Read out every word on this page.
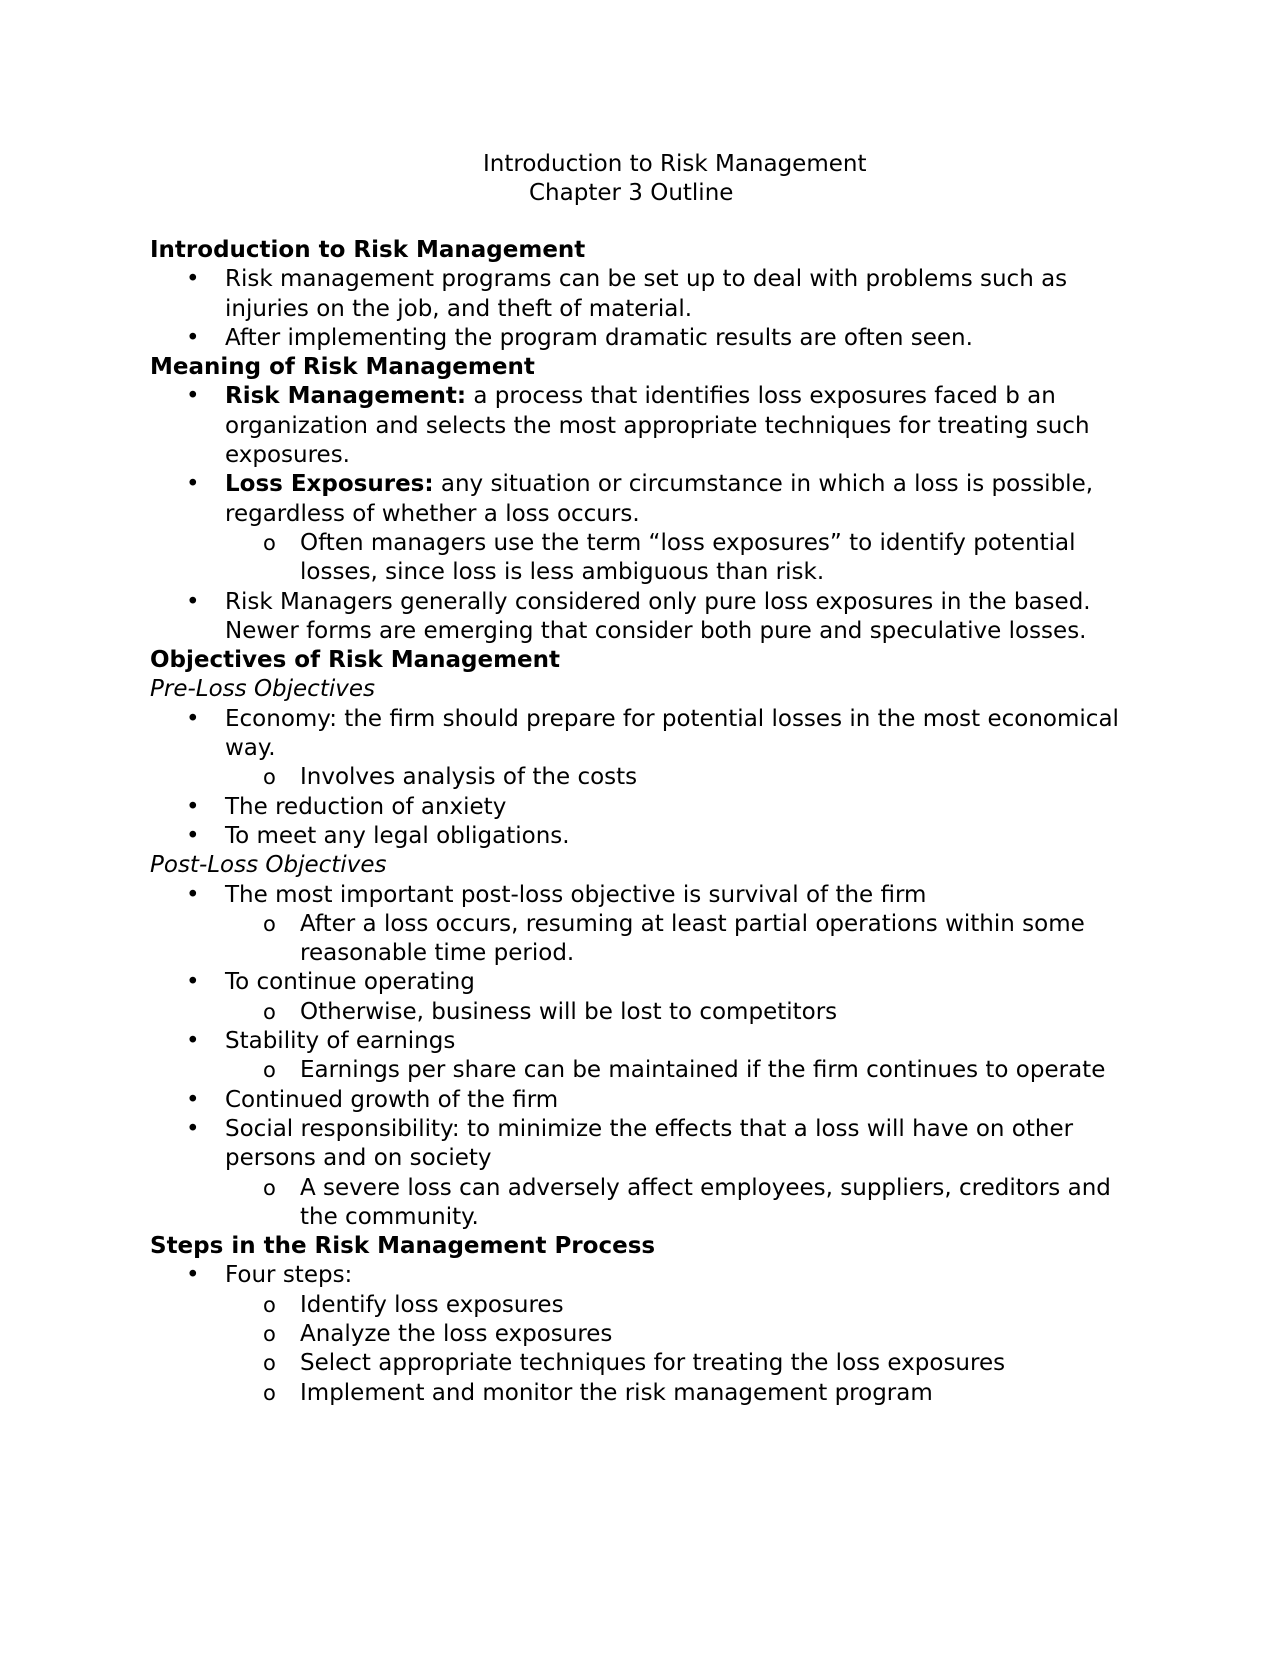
Introduction to Risk Management

Chapter 3 Outline

Introduction to Risk Management

• Risk management programs can be set up to deal with problems such as injuries on the job, and theft of material.
• After implementing the program dramatic results are often seen.

Meaning of Risk Management

• Risk Management: a process that identifies loss exposures faced b an organization and selects the most appropriate techniques for treating such exposures.
• Loss Exposures: any situation or circumstance in which a loss is possible, regardless of whether a loss occurs.
o Often managers use the term “loss exposures” to identify potential losses, since loss is less ambiguous than risk.
• Risk Managers generally considered only pure loss exposures in the based. Newer forms are emerging that consider both pure and speculative losses.

Objectives of Risk Management

Pre-Loss Objectives

• Economy: the firm should prepare for potential losses in the most economical way.
o Involves analysis of the costs
• The reduction of anxiety
• To meet any legal obligations.

Post-Loss Objectives

• The most important post-loss objective is survival of the firm
o After a loss occurs, resuming at least partial operations within some reasonable time period.
• To continue operating
o Otherwise, business will be lost to competitors
• Stability of earnings
o Earnings per share can be maintained if the firm continues to operate
• Continued growth of the firm
• Social responsibility: to minimize the effects that a loss will have on other persons and on society
o A severe loss can adversely affect employees, suppliers, creditors and the community.

Steps in the Risk Management Process

• Four steps:
o Identify loss exposures
o Analyze the loss exposures
o Select appropriate techniques for treating the loss exposures
o Implement and monitor the risk management program
